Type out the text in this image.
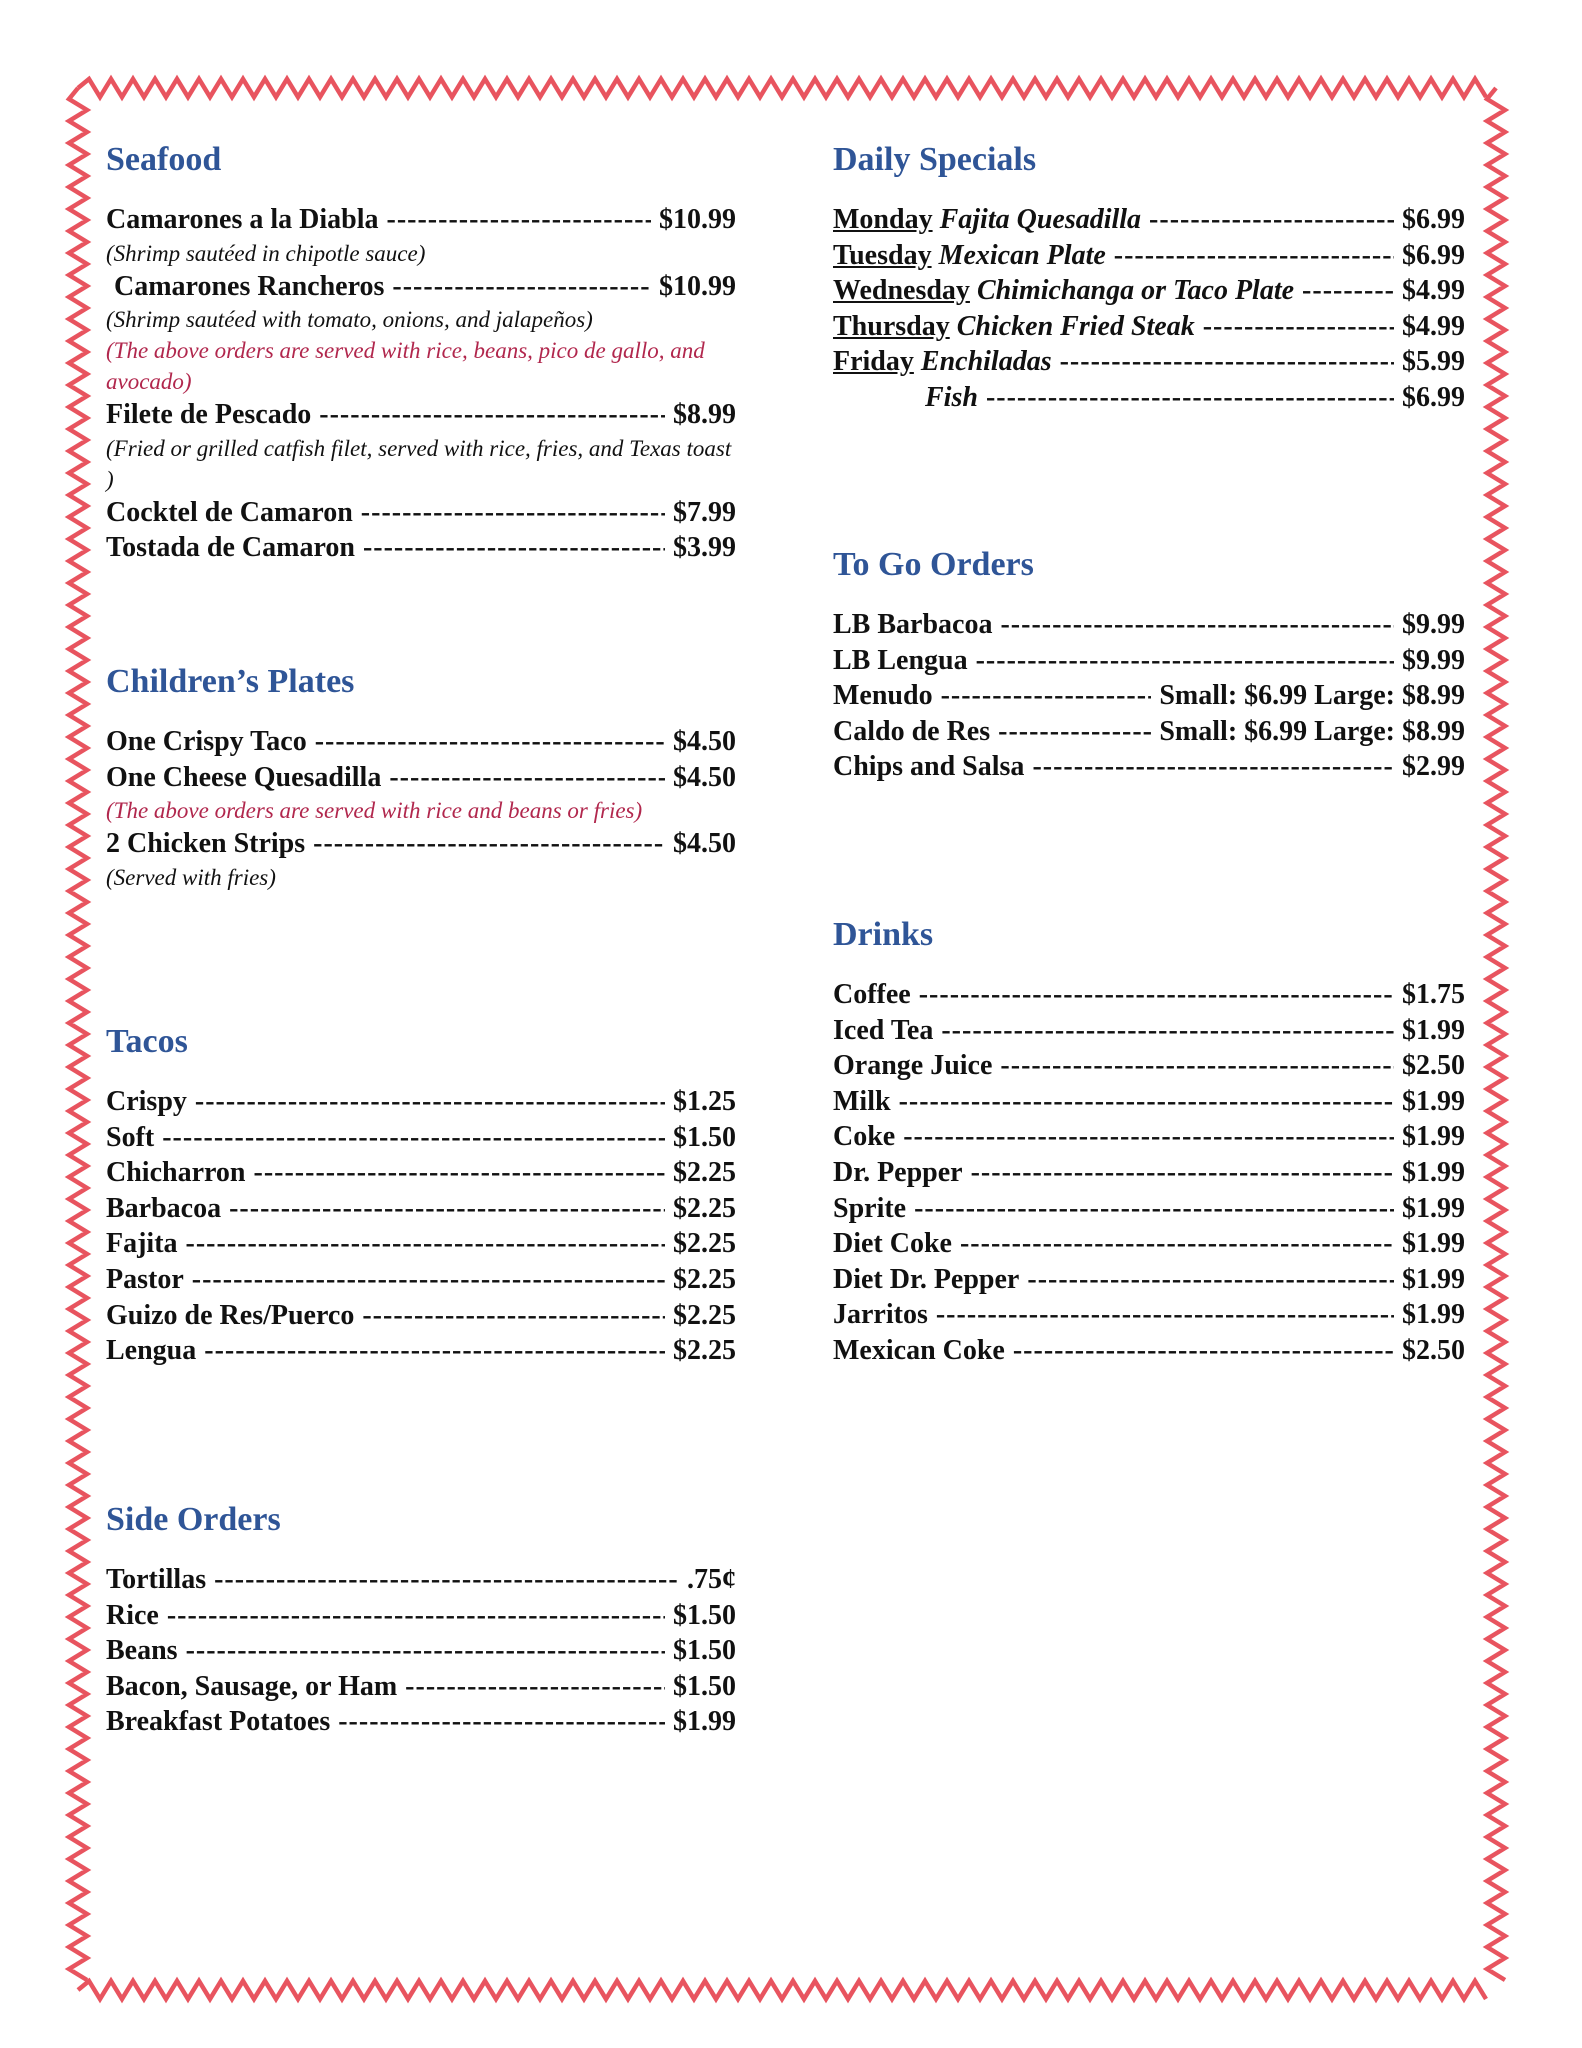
Seafood
Camarones a la Diabla -----	$10.99
(Shrimp sautéed in chipotle sauce)
Camarones Rancheros -----	$10.99
(Shrimp sautéed with tomato, onions, and jalapeños)
(The above orders are served with rice, beans, pico de gallo, and avocado)
Filete de Pescado -----	$8.99
(Fried or grilled catfish filet, served with rice, fries, and Texas toast )
Cocktel de Camaron -----	$7.99
Tostada de Camaron -----	$3.99
Children’s Plates
One Crispy Taco -----	$4.50
One Cheese Quesadilla -----	$4.50
(The above orders are served with rice and beans or fries)
2 Chicken Strips -----	$4.50
(Served with fries)
Tacos
Crispy -----	$1.25
Soft -----	$1.50
Chicharron -----	$2.25
Barbacoa -----	$2.25
Fajita -----	$2.25
Pastor -----	$2.25
Guizo de Res/Puerco -----	$2.25
Lengua -----	$2.25
Side Orders
Tortillas -----	.75¢
Rice -----	$1.50
Beans -----	$1.50
Bacon, Sausage, or Ham -----	$1.50
Breakfast Potatoes -----	$1.99
Daily Specials
Monday Fajita Quesadilla -----	$6.99
Tuesday Mexican Plate -----	$6.99
Wednesday Chimichanga or Taco Plate -----	$4.99
Thursday Chicken Fried Steak -----	$4.99
Friday Enchiladas -----	$5.99
Fish -----	$6.99
To Go Orders
LB Barbacoa -----	$9.99
LB Lengua -----	$9.99
Menudo -----	Small: $6.99 Large: $8.99
Caldo de Res -----	Small: $6.99 Large: $8.99
Chips and Salsa -----	$2.99
Drinks
Coffee -----	$1.75
Iced Tea -----	$1.99
Orange Juice -----	$2.50
Milk -----	$1.99
Coke -----	$1.99
Dr. Pepper -----	$1.99
Sprite -----	$1.99
Diet Coke -----	$1.99
Diet Dr. Pepper -----	$1.99
Jarritos -----	$1.99
Mexican Coke -----	$2.50
